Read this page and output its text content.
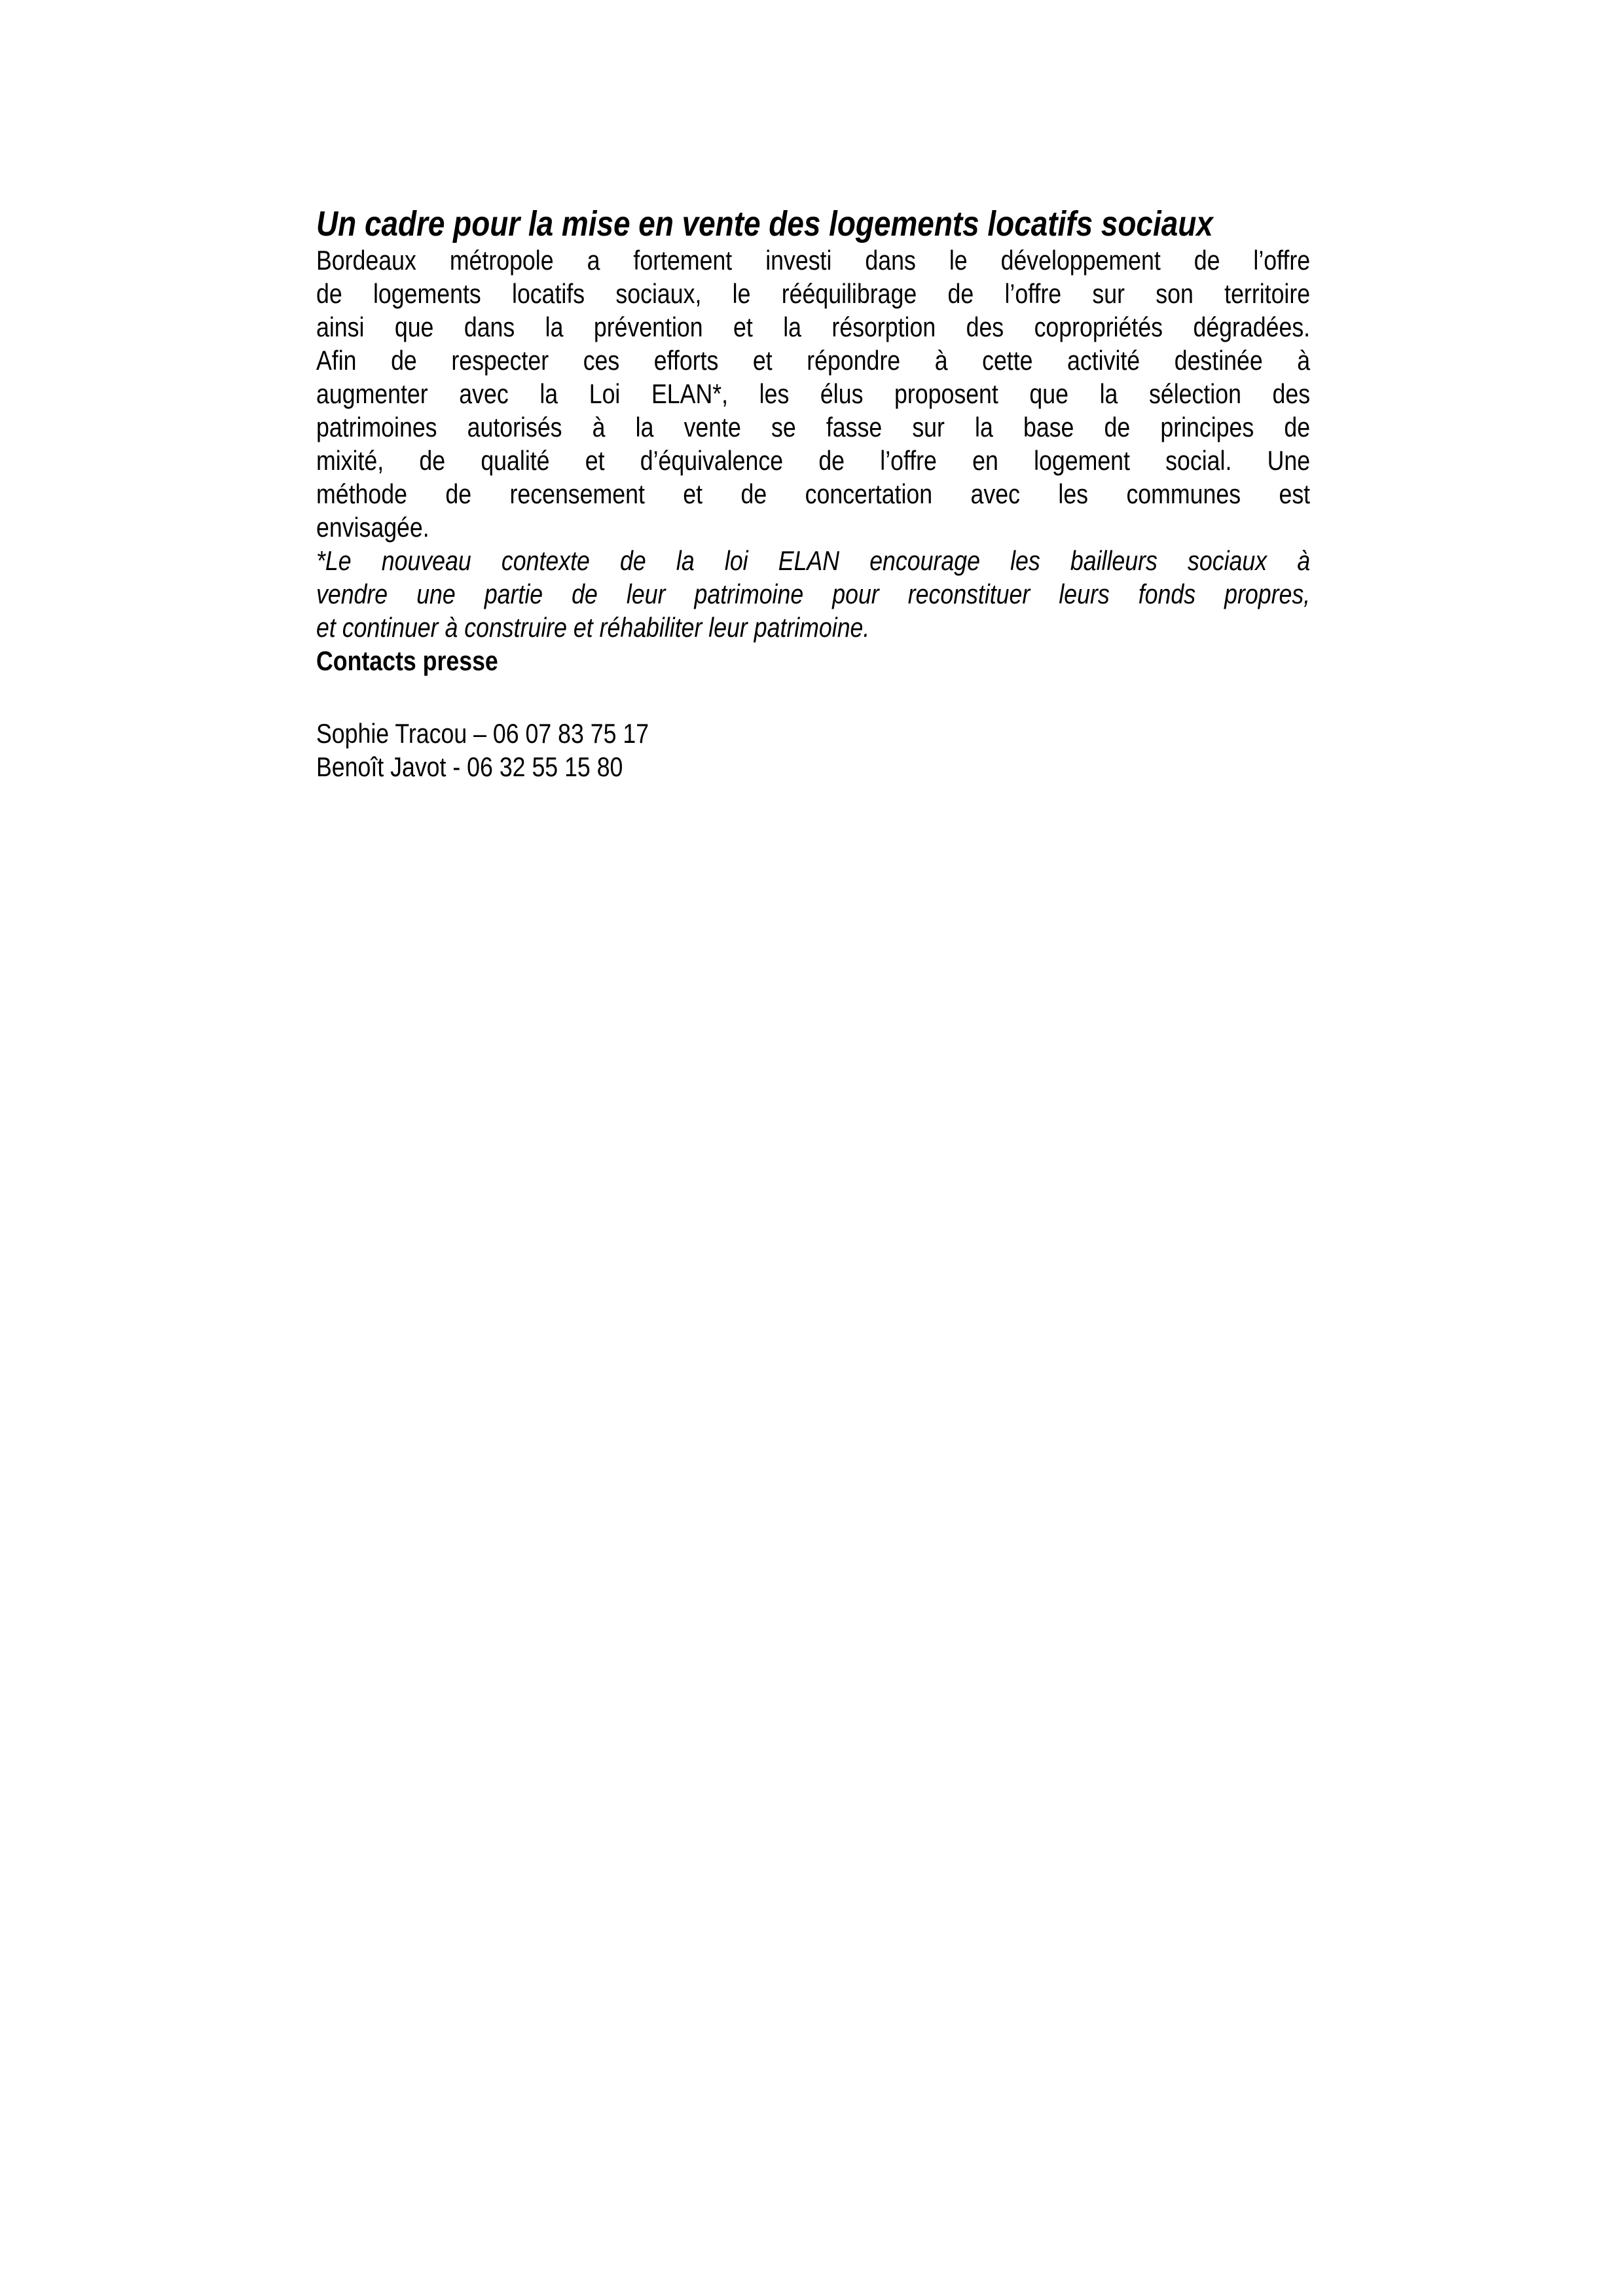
Un cadre pour la mise en vente des logements locatifs sociaux
Bordeaux métropole a fortement investi dans le développement de l’offre
de logements locatifs sociaux, le rééquilibrage de l’offre sur son territoire
ainsi que dans la prévention et la résorption des copropriétés dégradées.
Afin de respecter ces efforts et répondre à cette activité destinée à
augmenter avec la Loi ELAN*, les élus proposent que la sélection des
patrimoines autorisés à la vente se fasse sur la base de principes de
mixité, de qualité et d’équivalence de l’offre en logement social. Une
méthode de recensement et de concertation avec les communes est
envisagée.
*Le nouveau contexte de la loi ELAN encourage les bailleurs sociaux à
vendre une partie de leur patrimoine pour reconstituer leurs fonds propres,
et continuer à construire et réhabiliter leur patrimoine.
Contacts presse
Sophie Tracou – 06 07 83 75 17
Benoît Javot - 06 32 55 15 80
